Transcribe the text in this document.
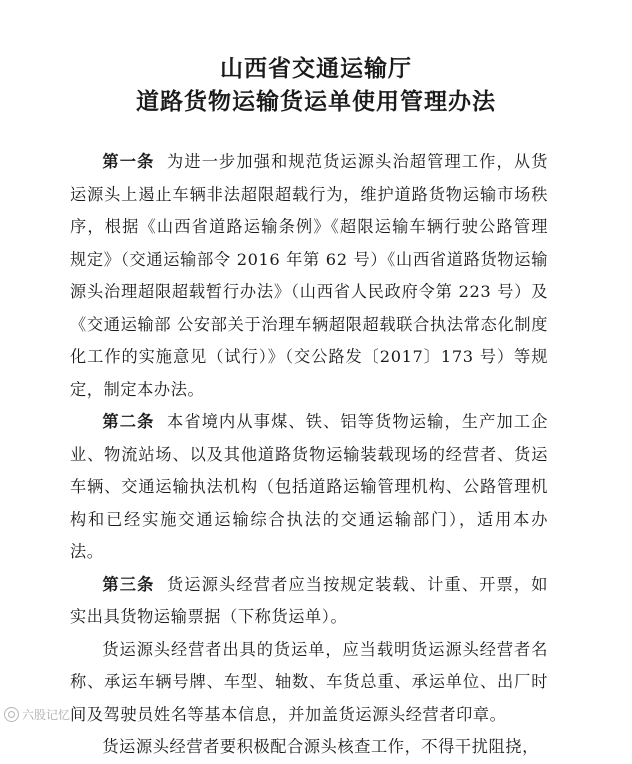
山西省交通运输厅
道路货物运输货运单使用管理办法

第一条 为进一步加强和规范货运源头治超管理工作，从货运源头上遏止车辆非法超限超载行为，维护道路货物运输市场秩序，根据《山西省道路运输条例》《超限运输车辆行驶公路管理规定》（交通运输部令 2016 年第 62 号）《山西省道路货物运输源头治理超限超载暂行办法》（山西省人民政府令第 223 号）及《交通运输部 公安部关于治理车辆超限超载联合执法常态化制度化工作的实施意见（试行）》（交公路发〔2017〕173 号）等规定，制定本办法。

第二条 本省境内从事煤、铁、铝等货物运输，生产加工企业、物流站场、以及其他道路货物运输装载现场的经营者、货运车辆、交通运输执法机构（包括道路运输管理机构、公路管理机构和已经实施交通运输综合执法的交通运输部门），适用本办法。

第三条 货运源头经营者应当按规定装载、计重、开票，如实出具货物运输票据（下称货运单）。

货运源头经营者出具的货运单，应当载明货运源头经营者名称、承运车辆号牌、车型、轴数、车货总重、承运单位、出厂时间及驾驶员姓名等基本信息，并加盖货运源头经营者印章。

货运源头经营者要积极配合源头核查工作，不得干扰阻挠，

六股记忆
